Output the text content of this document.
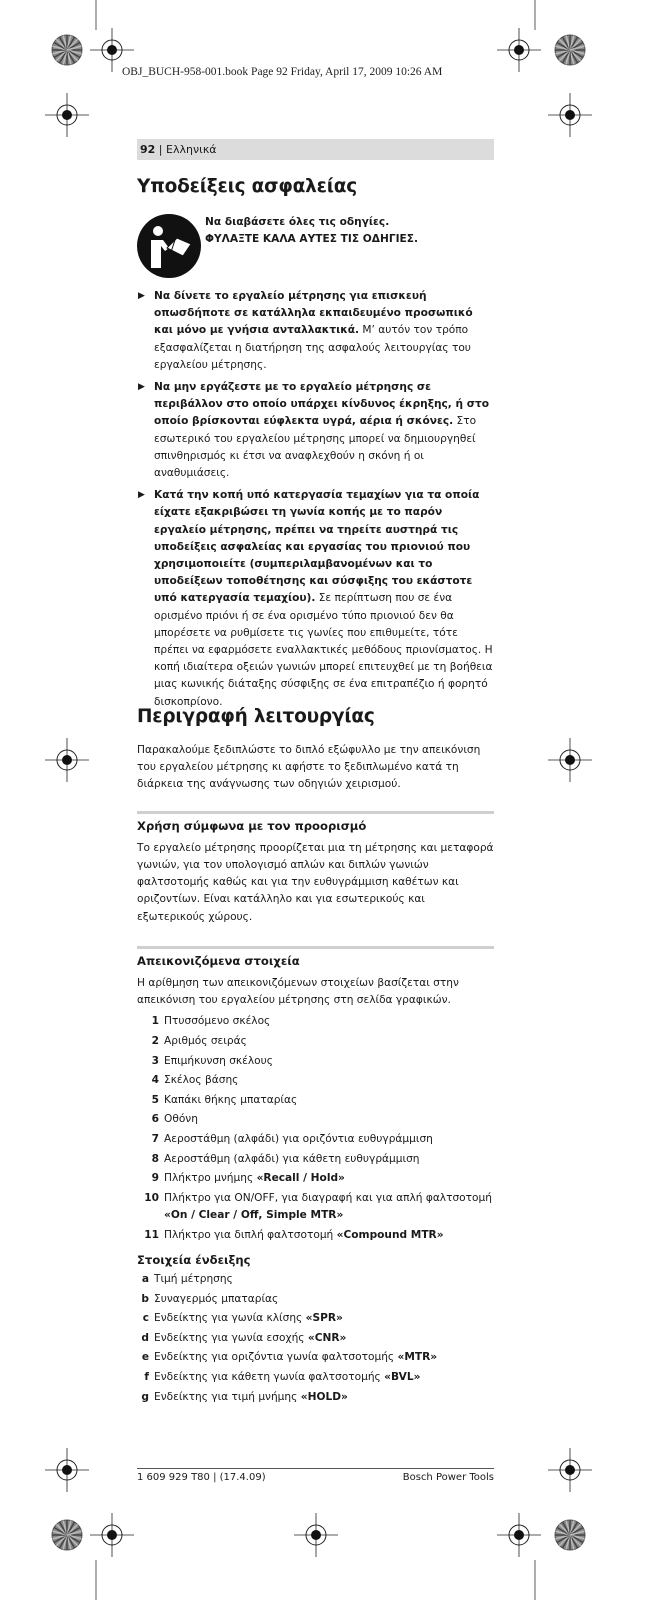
OBJ_BUCH-958-001.book Page 92 Friday, April 17, 2009 10:26 AM
92 | Ελληνικά
Υποδείξεις ασφαλείας
Να διαβάσετε όλες τις οδηγίες.
ΦΥΛΑΞΤΕ ΚΑΛΑ ΑΥΤΕΣ ΤΙΣ ΟΔΗΓΙΕΣ.
▶ Να δίνετε το εργαλείο μέτρησης για επισκευή οπωσδήποτε σε κατάλληλα εκπαιδευμένο προσωπικό και μόνο με γνήσια ανταλλακτικά. Μ’ αυτόν τον τρόπο εξασφαλίζεται η διατήρηση της ασφαλούς λειτουργίας του εργαλείου μέτρησης.
▶ Να μην εργάζεστε με το εργαλείο μέτρησης σε περιβάλλον στο οποίο υπάρχει κίνδυνος έκρηξης, ή στο οποίο βρίσκονται εύφλεκτα υγρά, αέρια ή σκόνες. Στο εσωτερικό του εργαλείου μέτρησης μπορεί να δημιουργηθεί σπινθηρισμός κι έτσι να αναφλεχθούν η σκόνη ή οι αναθυμιάσεις.
▶ Κατά την κοπή υπό κατεργασία τεμαχίων για τα οποία είχατε εξακριβώσει τη γωνία κοπής με το παρόν εργαλείο μέτρησης, πρέπει να τηρείτε αυστηρά τις υποδείξεις ασφαλείας και εργασίας του πριονιού που χρησιμοποιείτε (συμπεριλαμβανομένων και το υποδείξεων τοποθέτησης και σύσφιξης του εκάστοτε υπό κατεργασία τεμαχίου). Σε περίπτωση που σε ένα ορισμένο πριόνι ή σε ένα ορισμένο τύπο πριονιού δεν θα μπορέσετε να ρυθμίσετε τις γωνίες που επιθυμείτε, τότε πρέπει να εφαρμόσετε εναλλακτικές μεθόδους πριονίσματος. Η κοπή ιδιαίτερα οξειών γωνιών μπορεί επιτευχθεί με τη βοήθεια μιας κωνικής διάταξης σύσφιξης σε ένα επιτραπέζιο ή φορητό δισκοπρίονο.
Περιγραφή λειτουργίας
Παρακαλούμε ξεδιπλώστε το διπλό εξώφυλλο με την απεικόνιση του εργαλείου μέτρησης κι αφήστε το ξεδιπλωμένο κατά τη διάρκεια της ανάγνωσης των οδηγιών χειρισμού.
Χρήση σύμφωνα με τον προορισμό
Το εργαλείο μέτρησης προορίζεται μια τη μέτρησης και μεταφορά γωνιών, για τον υπολογισμό απλών και διπλών γωνιών φαλτσοτομής καθώς και για την ευθυγράμμιση καθέτων και οριζοντίων. Είναι κατάλληλο και για εσωτερικούς και εξωτερικούς χώρους.
Απεικονιζόμενα στοιχεία
Η αρίθμηση των απεικονιζόμενων στοιχείων βασίζεται στην απεικόνιση του εργαλείου μέτρησης στη σελίδα γραφικών.
1 Πτυσσόμενο σκέλος
2 Αριθμός σειράς
3 Επιμήκυνση σκέλους
4 Σκέλος βάσης
5 Καπάκι θήκης μπαταρίας
6 Οθόνη
7 Αεροστάθμη (αλφάδι) για οριζόντια ευθυγράμμιση
8 Αεροστάθμη (αλφάδι) για κάθετη ευθυγράμμιση
9 Πλήκτρο μνήμης «Recall / Hold»
10 Πλήκτρο για ON/OFF, για διαγραφή και για απλή φαλτσοτομή «On / Clear / Off, Simple MTR»
11 Πλήκτρο για διπλή φαλτσοτομή «Compound MTR»
Στοιχεία ένδειξης
a Τιμή μέτρησης
b Συναγερμός μπαταρίας
c Ενδείκτης για γωνία κλίσης «SPR»
d Ενδείκτης για γωνία εσοχής «CNR»
e Ενδείκτης για οριζόντια γωνία φαλτσοτομής «MTR»
f Ενδείκτης για κάθετη γωνία φαλτσοτομής «BVL»
g Ενδείκτης για τιμή μνήμης «HOLD»
1 609 929 T80 | (17.4.09)	Bosch Power Tools
